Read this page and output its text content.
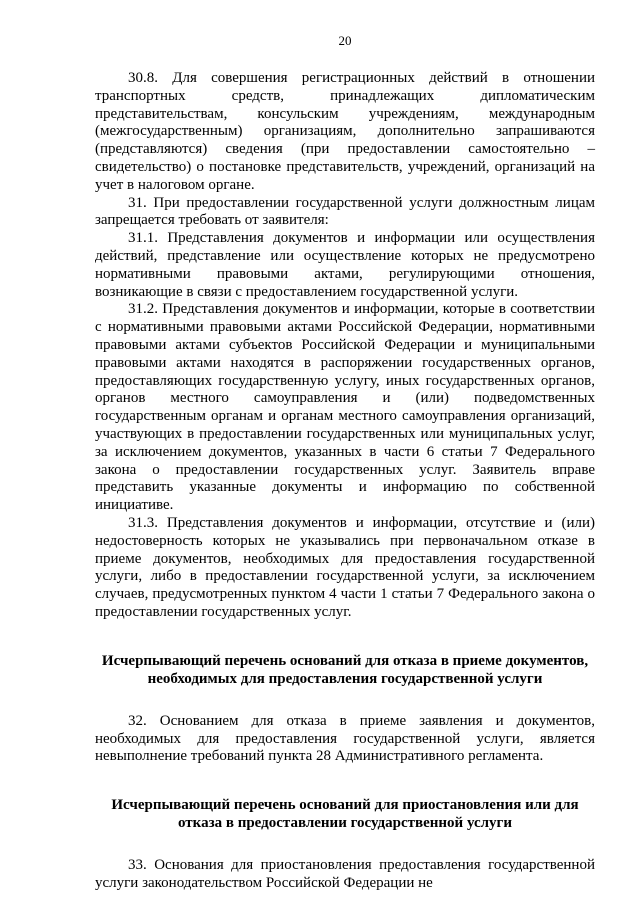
20

30.8. Для совершения регистрационных действий в отношении транспортных средств, принадлежащих дипломатическим представительствам, консульским учреждениям, международным (межгосударственным) организациям, дополнительно запрашиваются (представляются) сведения (при предоставлении самостоятельно – свидетельство) о постановке представительств, учреждений, организаций на учет в налоговом органе.

31. При предоставлении государственной услуги должностным лицам запрещается требовать от заявителя:

31.1. Представления документов и информации или осуществления действий, представление или осуществление которых не предусмотрено нормативными правовыми актами, регулирующими отношения, возникающие в связи с предоставлением государственной услуги.

31.2. Представления документов и информации, которые в соответствии с нормативными правовыми актами Российской Федерации, нормативными правовыми актами субъектов Российской Федерации и муниципальными правовыми актами находятся в распоряжении государственных органов, предоставляющих государственную услугу, иных государственных органов, органов местного самоуправления и (или) подведомственных государственным органам и органам местного самоуправления организаций, участвующих в предоставлении государственных или муниципальных услуг, за исключением документов, указанных в части 6 статьи 7 Федерального закона о предоставлении государственных услуг. Заявитель вправе представить указанные документы и информацию по собственной инициативе.

31.3. Представления документов и информации, отсутствие и (или) недостоверность которых не указывались при первоначальном отказе в приеме документов, необходимых для предоставления государственной услуги, либо в предоставлении государственной услуги, за исключением случаев, предусмотренных пунктом 4 части 1 статьи 7 Федерального закона о предоставлении государственных услуг.

Исчерпывающий перечень оснований для отказа в приеме документов, необходимых для предоставления государственной услуги

32. Основанием для отказа в приеме заявления и документов, необходимых для предоставления государственной услуги, является невыполнение требований пункта 28 Административного регламента.

Исчерпывающий перечень оснований для приостановления или для отказа в предоставлении государственной услуги

33. Основания для приостановления предоставления государственной услуги законодательством Российской Федерации не
